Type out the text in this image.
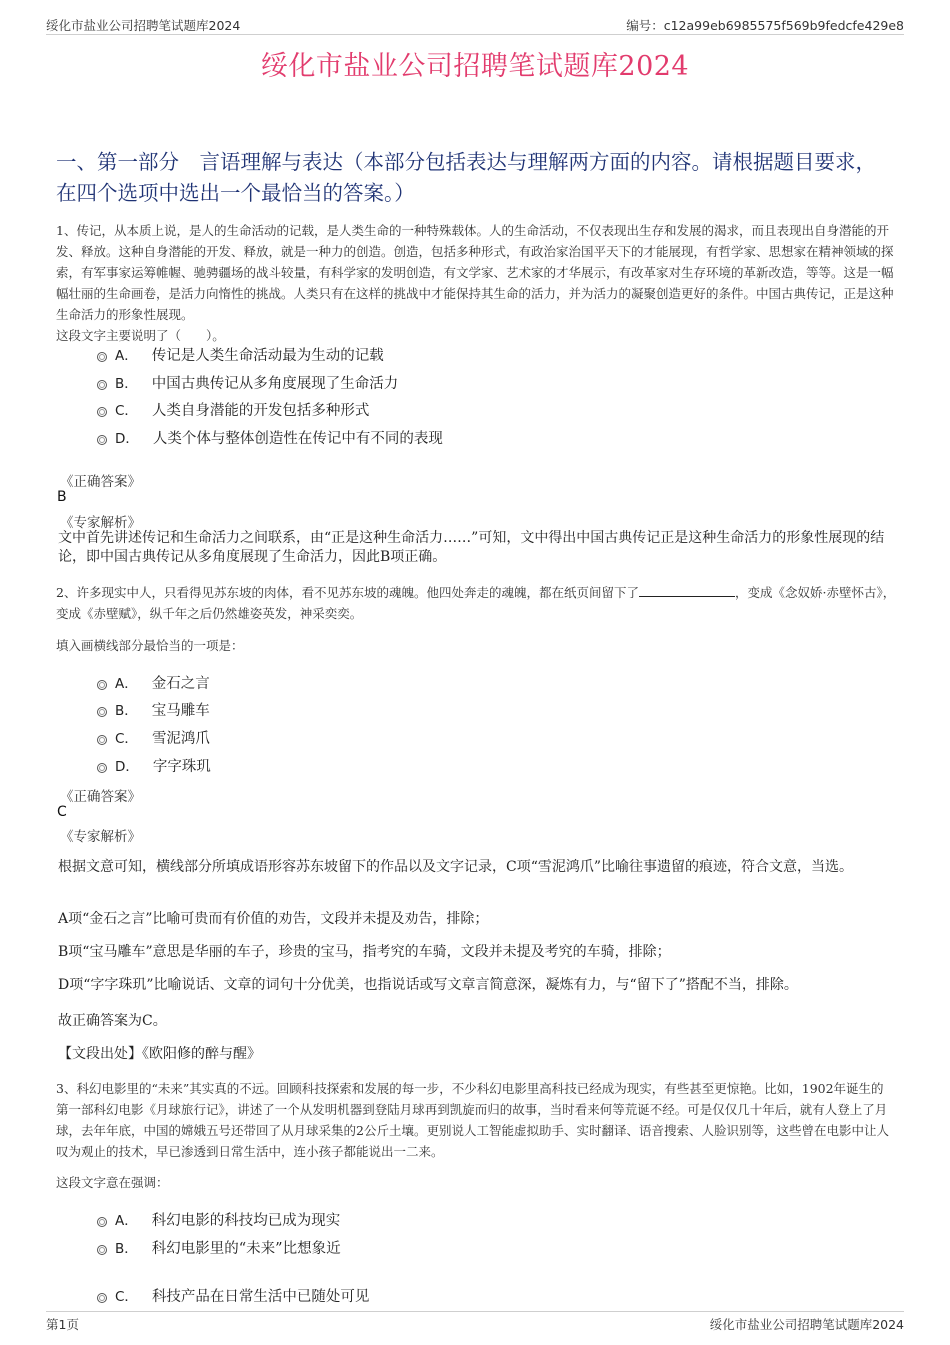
绥化市盐业公司招聘笔试题库2024	编号：c12a99eb6985575f569b9fedcfe429e8
绥化市盐业公司招聘笔试题库2024
一、第一部分　言语理解与表达（本部分包括表达与理解两方面的内容。请根据题目要求，在四个选项中选出一个最恰当的答案。）

1、传记，从本质上说，是人的生命活动的记载，是人类生命的一种特殊载体。人的生命活动，不仅表现出生存和发展的渴求，而且表现出自身潜能的开发、释放。这种自身潜能的开发、释放，就是一种力的创造。创造，包括多种形式，有政治家治国平天下的才能展现，有哲学家、思想家在精神领域的探索，有军事家运筹帷幄、驰骋疆场的战斗较量，有科学家的发明创造，有文学家、艺术家的才华展示，有改革家对生存环境的革新改造，等等。这是一幅幅壮丽的生命画卷，是活力向惰性的挑战。人类只有在这样的挑战中才能保持其生命的活力，并为活力的凝聚创造更好的条件。中国古典传记，正是这种生命活力的形象性展现。

这段文字主要说明了（　　）。

A． 传记是人类生命活动最为生动的记载
B． 中国古典传记从多角度展现了生命活力
C． 人类自身潜能的开发包括多种形式
D． 人类个体与整体创造性在传记中有不同的表现
《正确答案》
B
《专家解析》

文中首先讲述传记和生命活力之间联系，由“正是这种生命活力……”可知，文中得出中国古典传记正是这种生命活力的形象性展现的结论，即中国古典传记从多角度展现了生命活力，因此B项正确。

2、许多现实中人，只看得见苏东坡的肉体，看不见苏东坡的魂魄。他四处奔走的魂魄，都在纸页间留下了	，变成《念奴娇·赤壁怀古》，变成《赤壁赋》，纵千年之后仍然雄姿英发，神采奕奕。

填入画横线部分最恰当的一项是：

A． 金石之言
B． 宝马雕车
C． 雪泥鸿爪
D． 字字珠玑
《正确答案》
C
《专家解析》

根据文意可知，横线部分所填成语形容苏东坡留下的作品以及文字记录，C项“雪泥鸿爪”比喻往事遗留的痕迹，符合文意，当选。

A项“金石之言”比喻可贵而有价值的劝告，文段并未提及劝告，排除；

B项“宝马雕车”意思是华丽的车子，珍贵的宝马，指考究的车骑，文段并未提及考究的车骑，排除；

D项“字字珠玑”比喻说话、文章的词句十分优美，也指说话或写文章言简意深，凝炼有力，与“留下了”搭配不当，排除。

故正确答案为C。

【文段出处】《欧阳修的醉与醒》

3、科幻电影里的“未来”其实真的不远。回顾科技探索和发展的每一步，不少科幻电影里高科技已经成为现实，有些甚至更惊艳。比如，1902年诞生的第一部科幻电影《月球旅行记》，讲述了一个从发明机器到登陆月球再到凯旋而归的故事，当时看来何等荒诞不经。可是仅仅几十年后，就有人登上了月球，去年年底，中国的嫦娥五号还带回了从月球采集的2公斤土壤。更别说人工智能虚拟助手、实时翻译、语音搜索、人脸识别等，这些曾在电影中让人叹为观止的技术，早已渗透到日常生活中，连小孩子都能说出一二来。

这段文字意在强调：

A． 科幻电影的科技均已成为现实
B． 科幻电影里的“未来”比想象近
C． 科技产品在日常生活中已随处可见
第1页	绥化市盐业公司招聘笔试题库2024
